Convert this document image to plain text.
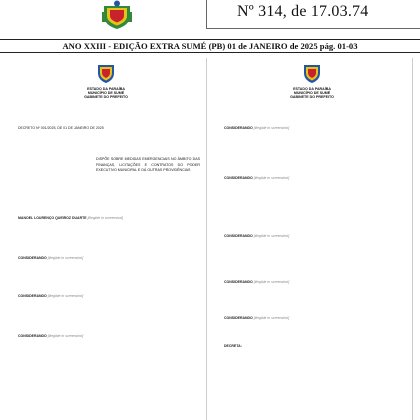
Nº 314, de 17.03.74
ANO XXIII - EDIÇÃO EXTRA SUMÉ (PB) 01 de JANEIRO de 2025 pág. 01-03
ESTADO DA PARAÍBA
MUNICÍPIO DE SUMÉ
GABINETE DO PREFEITO
DECRETO Nº 001/2025, DE 01 DE JANEIRO DE 2025
DISPÕE SOBRE MEDIDAS EMERGENCIAIS NO ÂMBITO DAS FINANÇAS, LICITAÇÕES E CONTRATOS DO PODER EXECUTIVO MUNICIPAL E DÁ OUTRAS PROVIDÊNCIAS
MANOEL LOURENÇO QUEIROZ DUARTE [illegible in screenshot]
CONSIDERANDO [illegible in screenshot]
CONSIDERANDO [illegible in screenshot]
CONSIDERANDO [illegible in screenshot]
ESTADO DA PARAÍBA
MUNICÍPIO DE SUMÉ
GABINETE DO PREFEITO
CONSIDERANDO [illegible in screenshot]
CONSIDERANDO [illegible in screenshot]
CONSIDERANDO [illegible in screenshot]
CONSIDERANDO [illegible in screenshot]
CONSIDERANDO [illegible in screenshot]
DECRETA:
